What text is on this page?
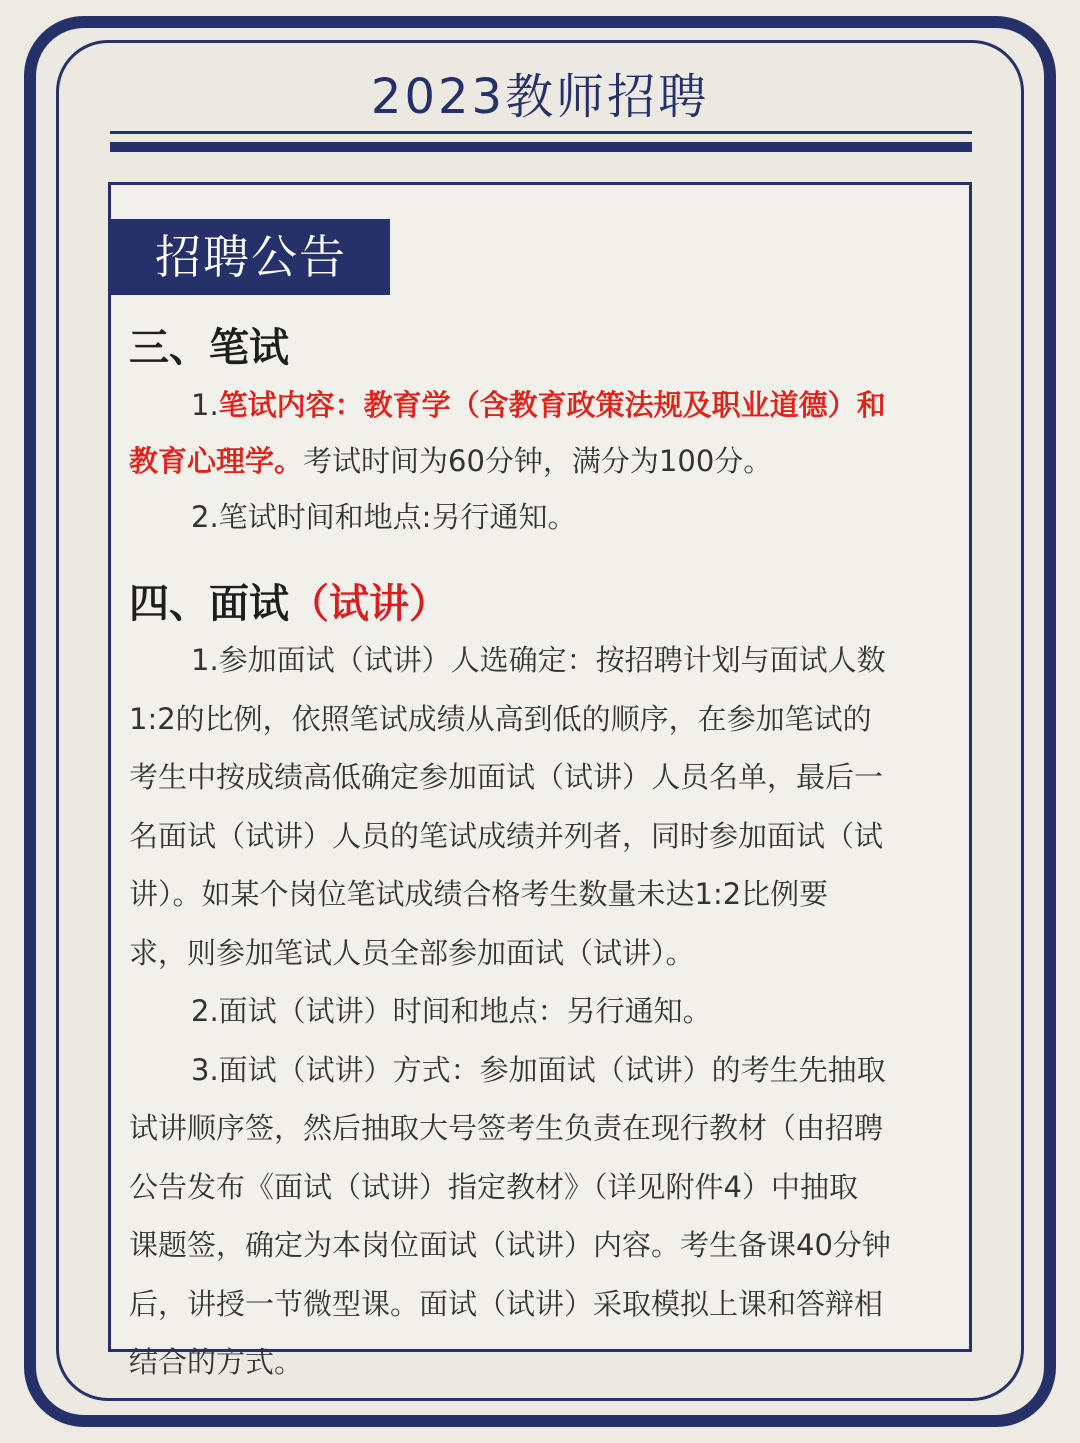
2023教师招聘
招聘公告
三、笔试
1.笔试内容：教育学（含教育政策法规及职业道德）和
教育心理学。考试时间为60分钟，满分为100分。
2.笔试时间和地点:另行通知。
四、面试（试讲）
1.参加面试（试讲）人选确定：按招聘计划与面试人数
1:2的比例，依照笔试成绩从高到低的顺序，在参加笔试的
考生中按成绩高低确定参加面试（试讲）人员名单，最后一
名面试（试讲）人员的笔试成绩并列者，同时参加面试（试
讲）。如某个岗位笔试成绩合格考生数量未达1:2比例要
求，则参加笔试人员全部参加面试（试讲）。
2.面试（试讲）时间和地点：另行通知。
3.面试（试讲）方式：参加面试（试讲）的考生先抽取
试讲顺序签，然后抽取大号签考生负责在现行教材（由招聘
公告发布《面试（试讲）指定教材》（详见附件4）中抽取
课题签，确定为本岗位面试（试讲）内容。考生备课40分钟
后，讲授一节微型课。面试（试讲）采取模拟上课和答辩相
结合的方式。
